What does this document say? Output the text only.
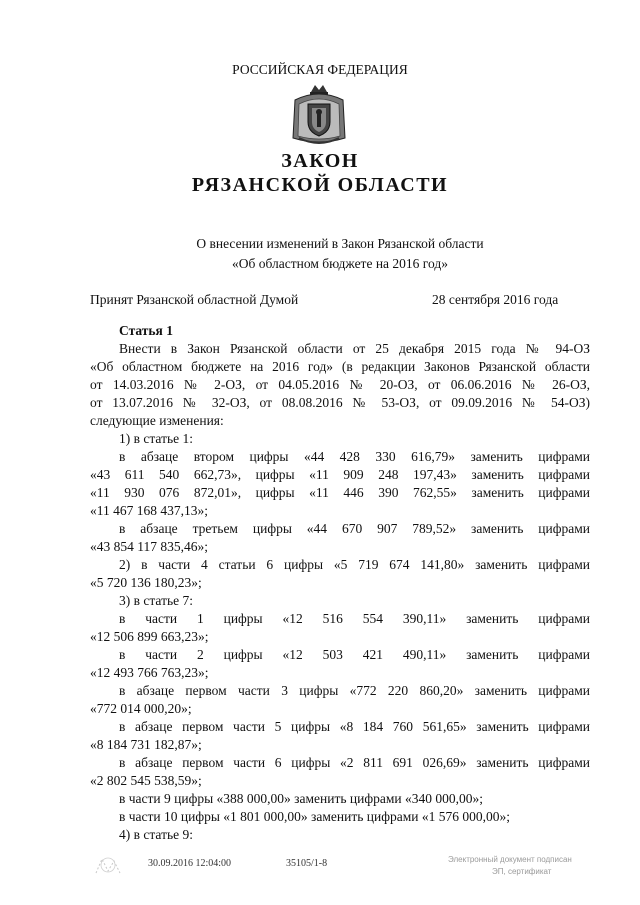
РОССИЙСКАЯ ФЕДЕРАЦИЯ
ЗАКОН
РЯЗАНСКОЙ ОБЛАСТИ
О внесении изменений в Закон Рязанской области
«Об областном бюджете на 2016 год»
Принят Рязанской областной Думой	28 сентября 2016 года
Статья 1
Внести в Закон Рязанской области от 25 декабря 2015 года № 94-ОЗ
«Об областном бюджете на 2016 год» (в редакции Законов Рязанской области
от 14.03.2016 № 2-ОЗ, от 04.05.2016 № 20-ОЗ, от 06.06.2016 № 26-ОЗ,
от 13.07.2016 № 32-ОЗ, от 08.08.2016 № 53-ОЗ, от 09.09.2016 № 54-ОЗ)
следующие изменения:
1) в статье 1:
в абзаце втором цифры «44 428 330 616,79» заменить цифрами
«43 611 540 662,73», цифры «11 909 248 197,43» заменить цифрами
«11 930 076 872,01», цифры «11 446 390 762,55» заменить цифрами
«11 467 168 437,13»;
в абзаце третьем цифры «44 670 907 789,52» заменить цифрами
«43 854 117 835,46»;
2) в части 4 статьи 6 цифры «5 719 674 141,80» заменить цифрами
«5 720 136 180,23»;
3) в статье 7:
в части 1 цифры «12 516 554 390,11» заменить цифрами
«12 506 899 663,23»;
в части 2 цифры «12 503 421 490,11» заменить цифрами
«12 493 766 763,23»;
в абзаце первом части 3 цифры «772 220 860,20» заменить цифрами
«772 014 000,20»;
в абзаце первом части 5 цифры «8 184 760 561,65» заменить цифрами
«8 184 731 182,87»;
в абзаце первом части 6 цифры «2 811 691 026,69» заменить цифрами
«2 802 545 538,59»;
в части 9 цифры «388 000,00» заменить цифрами «340 000,00»;
в части 10 цифры «1 801 000,00» заменить цифрами «1 576 000,00»;
4) в статье 9:
30.09.2016 12:04:00	35105/1-8	Электронный документ подписан
ЭП, сертификат
